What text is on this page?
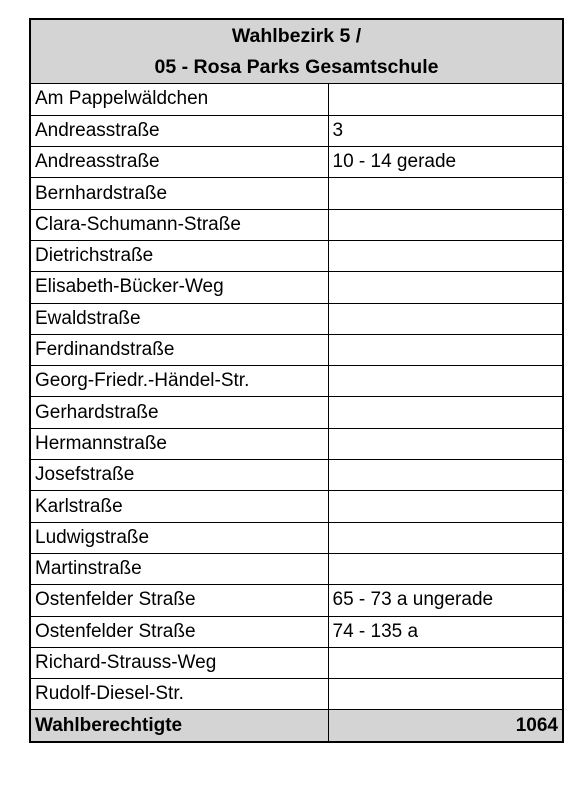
Wahlbezirk 5 /
05 - Rosa Parks Gesamtschule
Am Pappelwäldchen	
Andreasstraße	3
Andreasstraße	10 - 14 gerade
Bernhardstraße	
Clara-Schumann-Straße	
Dietrichstraße	
Elisabeth-Bücker-Weg	
Ewaldstraße	
Ferdinandstraße	
Georg-Friedr.-Händel-Str.	
Gerhardstraße	
Hermannstraße	
Josefstraße	
Karlstraße	
Ludwigstraße	
Martinstraße	
Ostenfelder Straße	65 - 73 a ungerade
Ostenfelder Straße	74 - 135 a
Richard-Strauss-Weg	
Rudolf-Diesel-Str.	
Wahlberechtigte	1064
